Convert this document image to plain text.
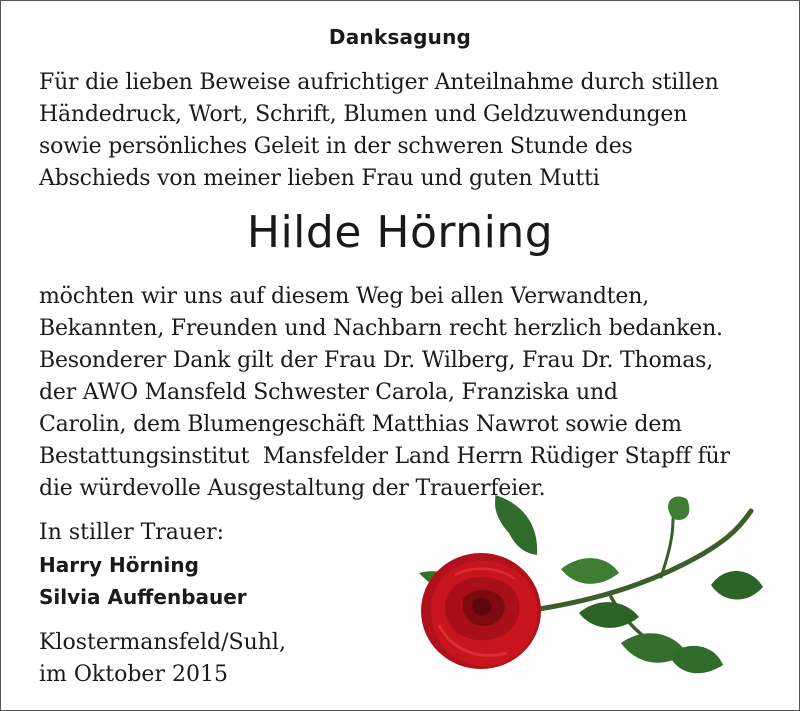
Danksagung
Für die lieben Beweise aufrichtiger Anteilnahme durch stillen
Händedruck, Wort, Schrift, Blumen und Geldzuwendungen
sowie persönliches Geleit in der schweren Stunde des
Abschieds von meiner lieben Frau und guten Mutti
Hilde Hörning
möchten wir uns auf diesem Weg bei allen Verwandten,
Bekannten, Freunden und Nachbarn recht herzlich bedanken.
Besonderer Dank gilt der Frau Dr. Wilberg, Frau Dr. Thomas,
der AWO Mansfeld Schwester Carola, Franziska und
Carolin, dem Blumengeschäft Matthias Nawrot sowie dem
Bestattungsinstitut  Mansfelder Land Herrn Rüdiger Stapff für
die würdevolle Ausgestaltung der Trauerfeier.
In stiller Trauer:
Harry Hörning
Silvia Auffenbauer
Klostermansfeld/Suhl,
im Oktober 2015
